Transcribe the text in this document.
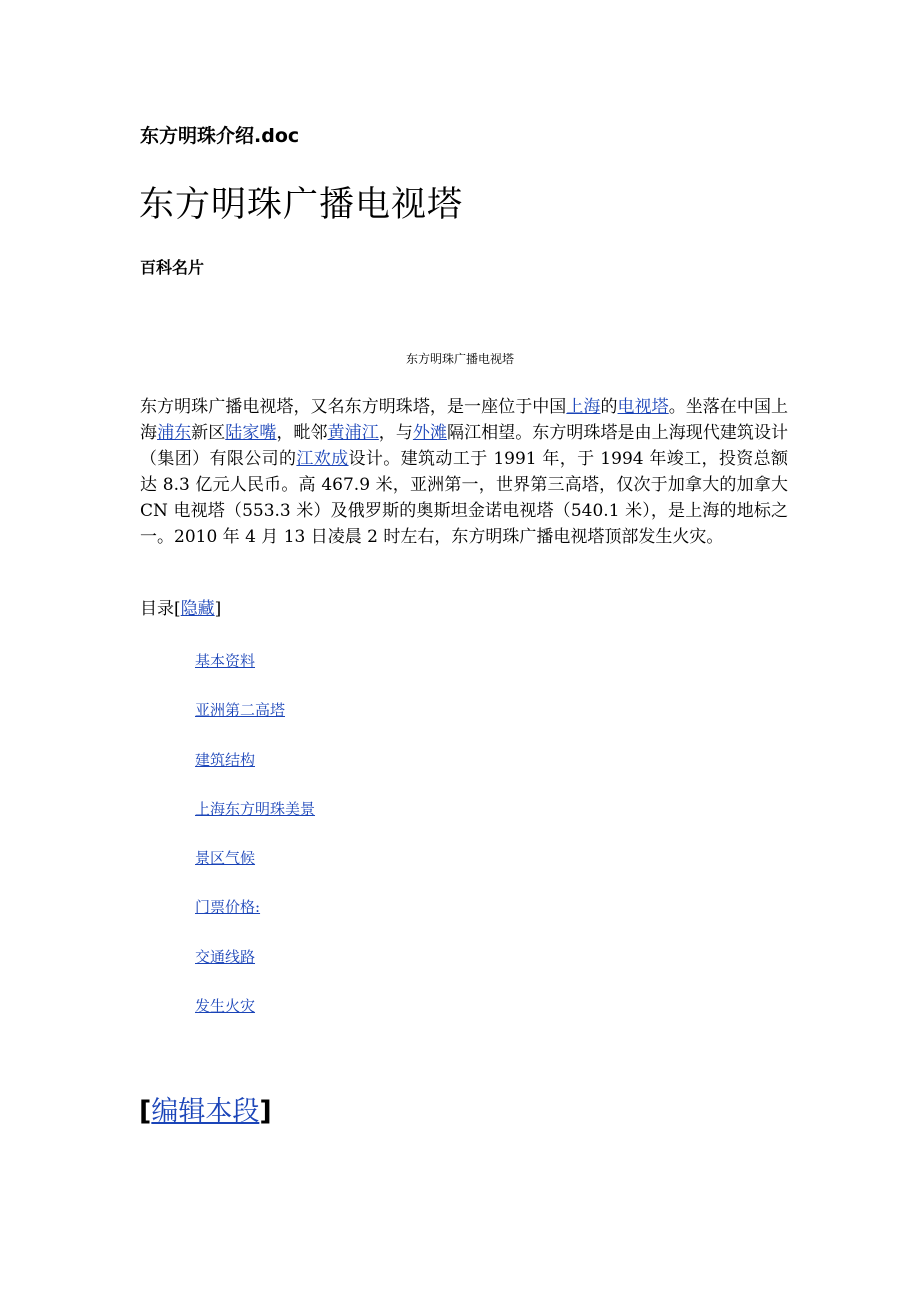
东方明珠介绍.doc
东方明珠广播电视塔
百科名片
东方明珠广播电视塔

东方明珠广播电视塔，又名东方明珠塔，是一座位于中国上海的电视塔。坐落在中国上海浦东新区陆家嘴，毗邻黄浦江，与外滩隔江相望。东方明珠塔是由上海现代建筑设计（集团）有限公司的江欢成设计。建筑动工于 1991 年，于 1994 年竣工，投资总额达 8.3 亿元人民币。高 467.9 米，亚洲第一，世界第三高塔，仅次于加拿大的加拿大 CN 电视塔（553.3 米）及俄罗斯的奥斯坦金诺电视塔（540.1 米），是上海的地标之一。2010 年 4 月 13 日凌晨 2 时左右，东方明珠广播电视塔顶部发生火灾。

目录[隐藏]
基本资料
亚洲第二高塔
建筑结构
上海东方明珠美景
景区气候
门票价格:
交通线路
发生火灾
[编辑本段]
